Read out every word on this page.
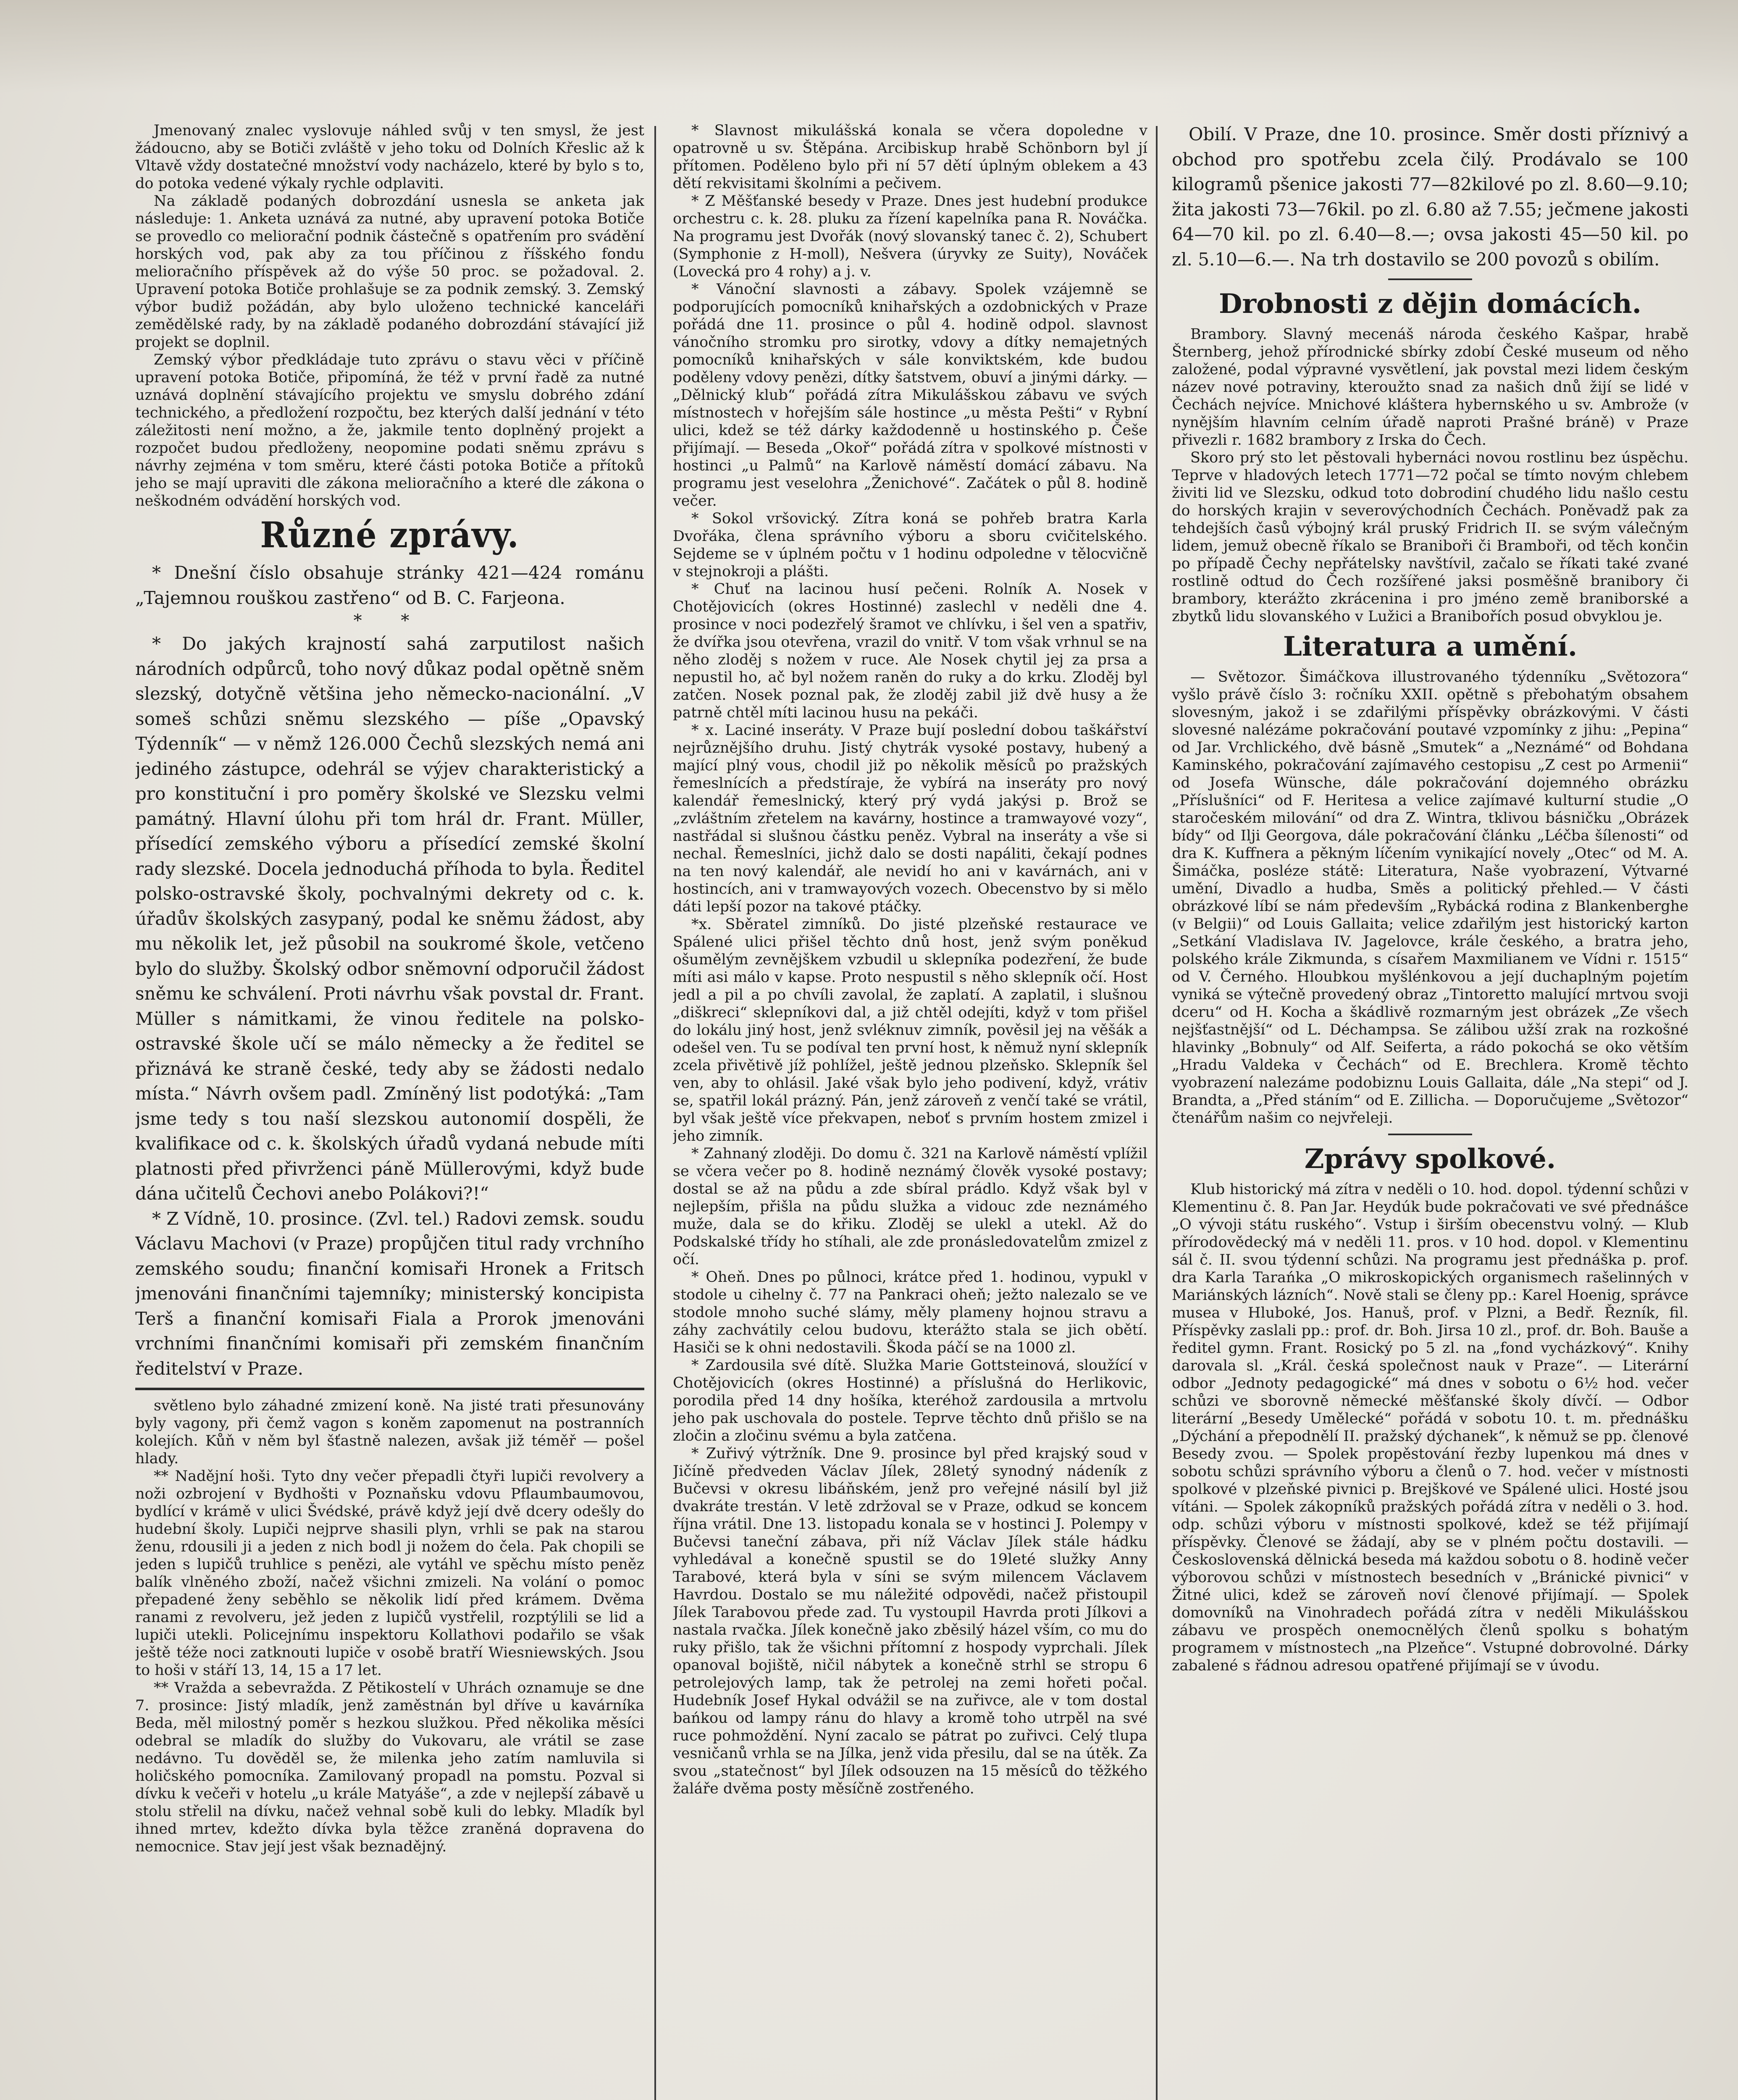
Jmenovaný znalec vyslovuje náhled svůj v ten smysl, že jest žádoucno, aby se Botiči zvláště v jeho toku od Dolních Křeslic až k Vltavě vždy dostatečné množství vody nacházelo, které by bylo s to, do potoka vedené výkaly rychle odplaviti.

Na základě podaných dobrozdání usnesla se anketa jak následuje: 1. Anketa uznává za nutné, aby upravení potoka Botiče se provedlo co meliorační podnik částečně s opatřením pro svádění horských vod, pak aby za tou příčinou z říšského fondu melioračního příspěvek až do výše 50 proc. se požadoval. 2. Upravení potoka Botiče prohlašuje se za podnik zemský. 3. Zemský výbor budiž požádán, aby bylo uloženo technické kanceláři zemědělské rady, by na základě podaného dobrozdání stávající již projekt se doplnil.

Zemský výbor předkládaje tuto zprávu o stavu věci v příčině upravení potoka Botiče, připomíná, že též v první řadě za nutné uznává doplnění stávajícího projektu ve smyslu dobrého zdání technického, a předložení rozpočtu, bez kterých další jednání v této záležitosti není možno, a že, jakmile tento doplněný projekt a rozpočet budou předloženy, neopomine podati sněmu zprávu s návrhy zejména v tom směru, které části potoka Botiče a přítoků jeho se mají upraviti dle zákona melioračního a které dle zákona o neškodném odvádění horských vod.

Různé zprávy.

* Dnešní číslo obsahuje stránky 421—424 románu „Tajemnou rouškou zastřeno“ od B. C. Farjeona.

* *

* Do jakých krajností sahá zarputilost našich národních odpůrců, toho nový důkaz podal opětně sněm slezský, dotyčně většina jeho německo-nacionální. „V someš schůzi sněmu slezského — píše „Opavský Týdenník“ — v němž 126.000 Čechů slezských nemá ani jediného zástupce, odehrál se výjev charakteristický a pro konstituční i pro poměry školské ve Slezsku velmi památný. Hlavní úlohu při tom hrál dr. Frant. Müller, přísedící zemského výboru a přísedící zemské školní rady slezské. Docela jednoduchá příhoda to byla. Ředitel polsko-ostravské školy, pochvalnými dekrety od c. k. úřadův školských zasypaný, podal ke sněmu žádost, aby mu několik let, jež působil na soukromé škole, vetčeno bylo do služby. Školský odbor sněmovní odporučil žádost sněmu ke schválení. Proti návrhu však povstal dr. Frant. Müller s námitkami, že vinou ředitele na polsko-ostravské škole učí se málo německy a že ředitel se přiznává ke straně české, tedy aby se žádosti nedalo místa.“ Návrh ovšem padl. Zmíněný list podotýká: „Tam jsme tedy s tou naší slezskou autonomií dospěli, že kvalifikace od c. k. školských úřadů vydaná nebude míti platnosti před přivrženci páně Müllerovými, když bude dána učitelů Čechovi anebo Polákovi?!“

* Z Vídně, 10. prosince. (Zvl. tel.) Radovi zemsk. soudu Václavu Machovi (v Praze) propůjčen titul rady vrchního zemského soudu; finanční komisaři Hronek a Fritsch jmenováni finančními tajemníky; ministerský koncipista Terš a finanční komisaři Fiala a Prorok jmenováni vrchními finančními komisaři při zemském finančním ředitelství v Praze.

světleno bylo záhadné zmizení koně. Na jisté trati přesunovány byly vagony, při čemž vagon s koněm zapomenut na postranních kolejích. Kůň v něm byl šťastně nalezen, avšak již téměř — pošel hlady.

** Nadějní hoši. Tyto dny večer přepadli čtyři lupiči revolvery a noži ozbrojení v Bydhošti v Poznaňsku vdovu Pflaumbaumovou, bydlící v krámě v ulici Švédské, právě když její dvě dcery odešly do hudební školy. Lupiči nejprve shasili plyn, vrhli se pak na starou ženu, rdousili ji a jeden z nich bodl ji nožem do čela. Pak chopili se jeden s lupičů truhlice s penězi, ale vytáhl ve spěchu místo peněz balík vlněného zboží, načež všichni zmizeli. Na volání o pomoc přepadené ženy seběhlo se několik lidí před krámem. Dvěma ranami z revolveru, jež jeden z lupičů vystřelil, rozptýlili se lid a lupiči utekli. Policejnímu inspektoru Kollathovi podařilo se však ještě téže noci zatknouti lupiče v osobě bratří Wiesniewských. Jsou to hoši v stáří 13, 14, 15 a 17 let.

** Vražda a sebevražda. Z Pětikostelí v Uhrách oznamuje se dne 7. prosince: Jistý mladík, jenž zaměstnán byl dříve u kavárníka Beda, měl milostný poměr s hezkou služkou. Před několika měsíci odebral se mladík do služby do Vukovaru, ale vrátil se zase nedávno. Tu dověděl se, že milenka jeho zatím namluvila si holičského pomocníka. Zamilovaný propadl na pomstu. Pozval si dívku k večeři v hotelu „u krále Matyáše“, a zde v nejlepší zábavě u stolu střelil na dívku, načež vehnal sobě kuli do lebky. Mladík byl ihned mrtev, kdežto dívka byla těžce zraněná dopravena do nemocnice. Stav její jest však beznadějný.

* Slavnost mikulášská konala se včera dopoledne v opatrovně u sv. Štěpána. Arcibiskup hrabě Schönborn byl jí přítomen. Poděleno bylo při ní 57 dětí úplným oblekem a 43 dětí rekvisitami školními a pečivem.

* Z Měšťanské besedy v Praze. Dnes jest hudební produkce orchestru c. k. 28. pluku za řízení kapelníka pana R. Nováčka. Na programu jest Dvořák (nový slovanský tanec č. 2), Schubert (Symphonie z H-moll), Nešvera (úryvky ze Suity), Nováček (Lovecká pro 4 rohy) a j. v.

* Vánoční slavnosti a zábavy. Spolek vzájemně se podporujících pomocníků knihařských a ozdobnických v Praze pořádá dne 11. prosince o půl 4. hodině odpol. slavnost vánočního stromku pro sirotky, vdovy a dítky nemajetných pomocníků knihařských v sále konviktském, kde budou poděleny vdovy penězi, dítky šatstvem, obuví a jinými dárky. — „Dělnický klub“ pořádá zítra Mikulášskou zábavu ve svých místnostech v hořejším sále hostince „u města Pešti“ v Rybní ulici, kdež se též dárky každodenně u hostinského p. Češe přijímají. — Beseda „Okoř“ pořádá zítra v spolkové místnosti v hostinci „u Palmů“ na Karlově náměstí domácí zábavu. Na programu jest veselohra „Ženichové“. Začátek o půl 8. hodině večer.

* Sokol vršovický. Zítra koná se pohřeb bratra Karla Dvořáka, člena správního výboru a sboru cvičitelského. Sejdeme se v úplném počtu v 1 hodinu odpoledne v tělocvičně v stejnokroji a plášti.

* Chuť na lacinou husí pečeni. Rolník A. Nosek v Chotějovicích (okres Hostinné) zaslechl v neděli dne 4. prosince v noci podezřelý šramot ve chlívku, i šel ven a spatřiv, že dvířka jsou otevřena, vrazil do vnitř. V tom však vrhnul se na něho zloděj s nožem v ruce. Ale Nosek chytil jej za prsa a nepustil ho, ač byl nožem raněn do ruky a do krku. Zloděj byl zatčen. Nosek poznal pak, že zloděj zabil již dvě husy a že patrně chtěl míti lacinou husu na pekáči.

* x. Laciné inseráty. V Praze bují poslední dobou taškářství nejrůznějšího druhu. Jistý chytrák vysoké postavy, hubený a mající plný vous, chodil již po několik měsíců po pražských řemeslnících a předstíraje, že vybírá na inseráty pro nový kalendář řemeslnický, který prý vydá jakýsi p. Brož se „zvláštním zřetelem na kavárny, hostince a tramwayové vozy“, nastřádal si slušnou částku peněz. Vybral na inseráty a vše si nechal. Řemeslníci, jichž dalo se dosti napáliti, čekají podnes na ten nový kalendář, ale nevidí ho ani v kavárnách, ani v hostincích, ani v tramwayových vozech. Obecenstvo by si mělo dáti lepší pozor na takové ptáčky.

*x. Sběratel zimníků. Do jisté plzeňské restaurace ve Spálené ulici přišel těchto dnů host, jenž svým poněkud ošumělým zevnějškem vzbudil u sklepníka podezření, že bude míti asi málo v kapse. Proto nespustil s něho sklepník očí. Host jedl a pil a po chvíli zavolal, že zaplatí. A zaplatil, i slušnou „diškreci“ sklepníkovi dal, a již chtěl odejíti, když v tom přišel do lokálu jiný host, jenž svléknuv zimník, pověsil jej na věšák a odešel ven. Tu se podíval ten první host, k němuž nyní sklepník zcela přivětivě jíž pohlížel, ještě jednou plzeňsko. Sklepník šel ven, aby to ohlásil. Jaké však bylo jeho podivení, když, vrátiv se, spatřil lokál prázný. Pán, jenž zároveň z venčí také se vrátil, byl však ještě více překvapen, neboť s prvním hostem zmizel i jeho zimník.

* Zahnaný zloději. Do domu č. 321 na Karlově náměstí vplížil se včera večer po 8. hodině neznámý člověk vysoké postavy; dostal se až na půdu a zde sbíral prádlo. Když však byl v nejlepším, přišla na půdu služka a vidouc zde neznámého muže, dala se do křiku. Zloděj se ulekl a utekl. Až do Podskalské třídy ho stíhali, ale zde pronásledovatelům zmizel z očí.

* Oheň. Dnes po půlnoci, krátce před 1. hodinou, vypukl v stodole u cihelny č. 77 na Pankraci oheň; ježto nalezalo se ve stodole mnoho suché slámy, měly plameny hojnou stravu a záhy zachvátily celou budovu, kterážto stala se jich obětí. Hasiči se k ohni nedostavili. Škoda páčí se na 1000 zl.

* Zardousila své dítě. Služka Marie Gottsteinová, sloužící v Chotějovicích (okres Hostinné) a příslušná do Herlikovic, porodila před 14 dny hošíka, kteréhož zardousila a mrtvolu jeho pak uschovala do postele. Teprve těchto dnů přišlo se na zločin a zločinu svému a byla zatčena.

* Zuřivý výtržník. Dne 9. prosince byl před krajský soud v Jičíně předveden Václav Jílek, 28letý synodný nádeník z Bučevsi v okresu libáňském, jenž pro veřejné násilí byl již dvakráte trestán. V letě zdržoval se v Praze, odkud se koncem října vrátil. Dne 13. listopadu konala se v hostinci J. Polempy v Bučevsi taneční zábava, při níž Václav Jílek stále hádku vyhledával a konečně spustil se do 19leté služky Anny Tarabové, která byla v síni se svým milencem Václavem Havrdou. Dostalo se mu náležité odpovědi, načež přistoupil Jílek Tarabovou přede zad. Tu vystoupil Havrda proti Jílkovi a nastala rvačka. Jílek konečně jako zběsilý házel vším, co mu do ruky přišlo, tak že všichni přítomní z hospody vyprchali. Jílek opanoval bojiště, ničil nábytek a konečně strhl se stropu 6 petrolejových lamp, tak že petrolej na zemi hořeti počal. Hudebník Josef Hykal odvážil se na zuřivce, ale v tom dostal bańkou od lampy ránu do hlavy a kromě toho utrpěl na své ruce pohmoždění. Nyní zacalo se pátrat po zuřivci. Celý tlupa vesničanů vrhla se na Jílka, jenž vida přesilu, dal se na útěk. Za svou „statečnost“ byl Jílek odsouzen na 15 měsíců do těžkého žaláře dvěma posty měsíčně zostřeného.

Obilí. V Praze, dne 10. prosince. Směr dosti příznivý a obchod pro spotřebu zcela čilý. Prodávalo se 100 kilogramů pšenice jakosti 77—82kilové po zl. 8.60—9.10; žita jakosti 73—76kil. po zl. 6.80 až 7.55; ječmene jakosti 64—70 kil. po zl. 6.40—8.—; ovsa jakosti 45—50 kil. po zl. 5.10—6.—. Na trh dostavilo se 200 povozů s obilím.

Drobnosti z dějin domácích.

Brambory. Slavný mecenáš národa českého Kašpar, hrabě Šternberg, jehož přírodnické sbírky zdobí České museum od něho založené, podal výpravné vysvětlení, jak povstal mezi lidem českým název nové potraviny, kteroužto snad za našich dnů žijí se lidé v Čechách nejvíce. Mnichové kláštera hybernského u sv. Ambrože (v nynějším hlavním celním úřadě naproti Prašné bráně) v Praze přivezli r. 1682 brambory z Irska do Čech.

Skoro prý sto let pěstovali hybernáci novou rostlinu bez úspěchu. Teprve v hladových letech 1771—72 počal se tímto novým chlebem živiti lid ve Slezsku, odkud toto dobrodiní chudého lidu našlo cestu do horských krajin v severovýchodních Čechách. Poněvadž pak za tehdejších časů výbojný král pruský Fridrich II. se svým válečným lidem, jemuž obecně říkalo se Braniboři či Bramboři, od těch končin po případě Čechy nepřátelsky navštívil, začalo se říkati také zvané rostlině odtud do Čech rozšířené jaksi posměšně branibory či brambory, kterážto zkrácenina i pro jméno země braniborské a zbytků lidu slovanského v Lužici a Branibořích posud obvyklou je.

Literatura a umění.

— Světozor. Šimáčkova illustrovaného týdenníku „Světozora“ vyšlo právě číslo 3: ročníku XXII. opětně s přebohatým obsahem slovesným, jakož i se zdařilými příspěvky obrázkovými. V části slovesné nalézáme pokračování poutavé vzpomínky z jihu: „Pepina“ od Jar. Vrchlického, dvě básně „Smutek“ a „Neznámé“ od Bohdana Kaminského, pokračování zajímavého cestopisu „Z cest po Armenii“ od Josefa Wünsche, dále pokračování dojemného obrázku „Příslušníci“ od F. Heritesa a velice zajímavé kulturní studie „O staročeském milování“ od dra Z. Wintra, tklivou básničku „Obrázek bídy“ od Ilji Georgova, dále pokračování článku „Léčba šílenosti“ od dra K. Kuffnera a pěkným líčením vynikající novely „Otec“ od M. A. Šimáčka, posléze státě: Literatura, Naše vyobrazení, Výtvarné umění, Divadlo a hudba, Směs a politický přehled.— V části obrázkové líbí se nám především „Rybácká rodina z Blankenberghe (v Belgii)“ od Louis Gallaita; velice zdařilým jest historický karton „Setkání Vladislava IV. Jagelovce, krále českého, a bratra jeho, polského krále Zikmunda, s císařem Maxmilianem ve Vídni r. 1515“ od V. Černého. Hloubkou myšlénkovou a její duchaplným pojetím vyniká se výtečně provedený obraz „Tintoretto malující mrtvou svoji dceru“ od H. Kocha a škádlivě rozmarným jest obrázek „Ze všech nejšťastnější“ od L. Déchampsa. Se zálibou užší zrak na rozkošné hlavinky „Bobnuly“ od Alf. Seiferta, a rádo pokochá se oko větším „Hradu Valdeka v Čechách“ od E. Brechlera. Kromě těchto vyobrazení nalezáme podobiznu Louis Gallaita, dále „Na stepi“ od J. Brandta, a „Před stáním“ od E. Zillicha. — Doporučujeme „Světozor“ čtenářům našim co nejvřeleji.

Zprávy spolkové.

Klub historický má zítra v neděli o 10. hod. dopol. týdenní schůzi v Klementinu č. 8. Pan Jar. Heydúk bude pokračovati ve své přednášce „O vývoji státu ruského“. Vstup i širším obecenstvu volný. — Klub přírodovědecký má v neděli 11. pros. v 10 hod. dopol. v Klementinu sál č. II. svou týdenní schůzi. Na programu jest přednáška p. prof. dra Karla Tarańka „O mikroskopických organismech rašelinných v Mariánských lázních“. Nově stali se členy pp.: Karel Hoenig, správce musea v Hluboké, Jos. Hanuš, prof. v Plzni, a Bedř. Řezník, fil. Příspěvky zaslali pp.: prof. dr. Boh. Jirsa 10 zl., prof. dr. Boh. Bauše a ředitel gymn. Frant. Rosický po 5 zl. na „fond vycházkový“. Knihy darovala sl. „Král. česká společnost nauk v Praze“. — Literární odbor „Jednoty pedagogické“ má dnes v sobotu o 6½ hod. večer schůzi ve sborovně německé měšťanské školy dívčí. — Odbor literární „Besedy Umělecké“ pořádá v sobotu 10. t. m. přednášku „Dýchání a přepodnělí II. pražský dýchanek“, k němuž se pp. členové Besedy zvou. — Spolek propěstování řezby lupenkou má dnes v sobotu schůzi správního výboru a členů o 7. hod. večer v místnosti spolkové v plzeňské pivnici p. Brejškové ve Spálené ulici. Hosté jsou vítáni. — Spolek zákopníků pražských pořádá zítra v neděli o 3. hod. odp. schůzi výboru v místnosti spolkové, kdež se též přijímají příspěvky. Členové se žádají, aby se v plném počtu dostavili. — Československá dělnická beseda má každou sobotu o 8. hodině večer výborovou schůzi v místnostech besedních v „Bránické pivnici“ v Žitné ulici, kdež se zároveň noví členové přijímají. — Spolek domovníků na Vinohradech pořádá zítra v neděli Mikulášskou zábavu ve prospěch onemocnělých členů spolku s bohatým programem v místnostech „na Plzeňce“. Vstupné dobrovolné. Dárky zabalené s řádnou adresou opatřené přijímají se v úvodu.
